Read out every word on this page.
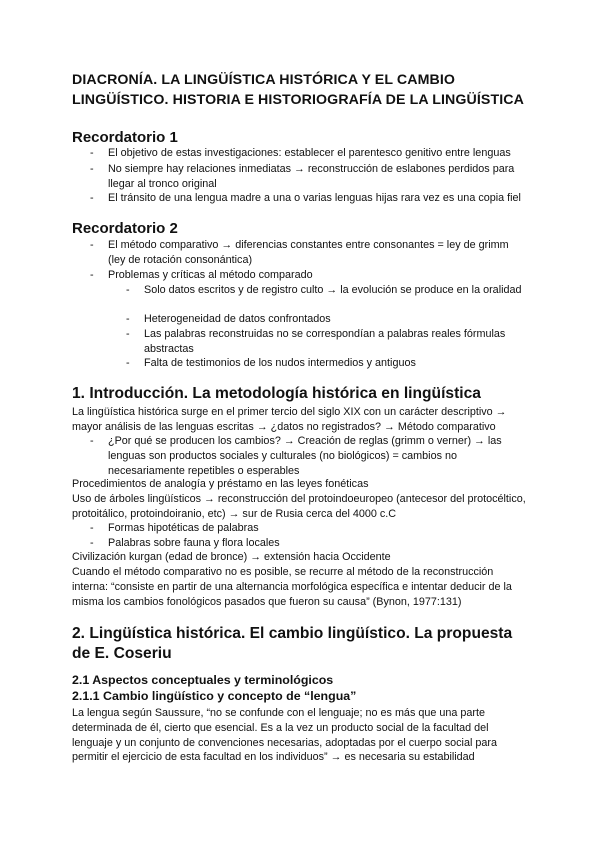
DIACRONÍA. LA LINGÜÍSTICA HISTÓRICA Y EL CAMBIO LINGÜÍSTICO. HISTORIA E HISTORIOGRAFÍA DE LA LINGÜÍSTICA
Recordatorio 1
- El objetivo de estas investigaciones: establecer el parentesco genitivo entre lenguas
- No siempre hay relaciones inmediatas → reconstrucción de eslabones perdidos para llegar al tronco original
- El tránsito de una lengua madre a una o varias lenguas hijas rara vez es una copia fiel
Recordatorio 2
- El método comparativo → diferencias constantes entre consonantes = ley de grimm (ley de rotación consonántica)
- Problemas y críticas al método comparado
- Solo datos escritos y de registro culto → la evolución se produce en la oralidad
- Heterogeneidad de datos confrontados
- Las palabras reconstruidas no se correspondían a palabras reales fórmulas abstractas
- Falta de testimonios de los nudos intermedios y antiguos
1. Introducción. La metodología histórica en lingüística
La lingüística histórica surge en el primer tercio del siglo XIX con un carácter descriptivo → mayor análisis de las lenguas escritas → ¿datos no registrados? → Método comparativo
- ¿Por qué se producen los cambios? → Creación de reglas (grimm o verner) → las lenguas son productos sociales y culturales (no biológicos) = cambios no necesariamente repetibles o esperables
Procedimientos de analogía y préstamo en las leyes fonéticas
Uso de árboles lingüísticos → reconstrucción del protoindoeuropeo (antecesor del protocéltico, protoitálico, protoindoiranio, etc) → sur de Rusia cerca del 4000 c.C
- Formas hipotéticas de palabras
- Palabras sobre fauna y flora locales
Civilización kurgan (edad de bronce) → extensión hacia Occidente
Cuando el método comparativo no es posible, se recurre al método de la reconstrucción interna: “consiste en partir de una alternancia morfológica específica e intentar deducir de la misma los cambios fonológicos pasados que fueron su causa” (Bynon, 1977:131)
2. Lingüística histórica. El cambio lingüístico. La propuesta de E. Coseriu
2.1 Aspectos conceptuales y terminológicos
2.1.1 Cambio lingüístico y concepto de “lengua”
La lengua según Saussure, “no se confunde con el lenguaje; no es más que una parte determinada de él, cierto que esencial. Es a la vez un producto social de la facultad del lenguaje y un conjunto de convenciones necesarias, adoptadas por el cuerpo social para permitir el ejercicio de esta facultad en los individuos” → es necesaria su estabilidad
